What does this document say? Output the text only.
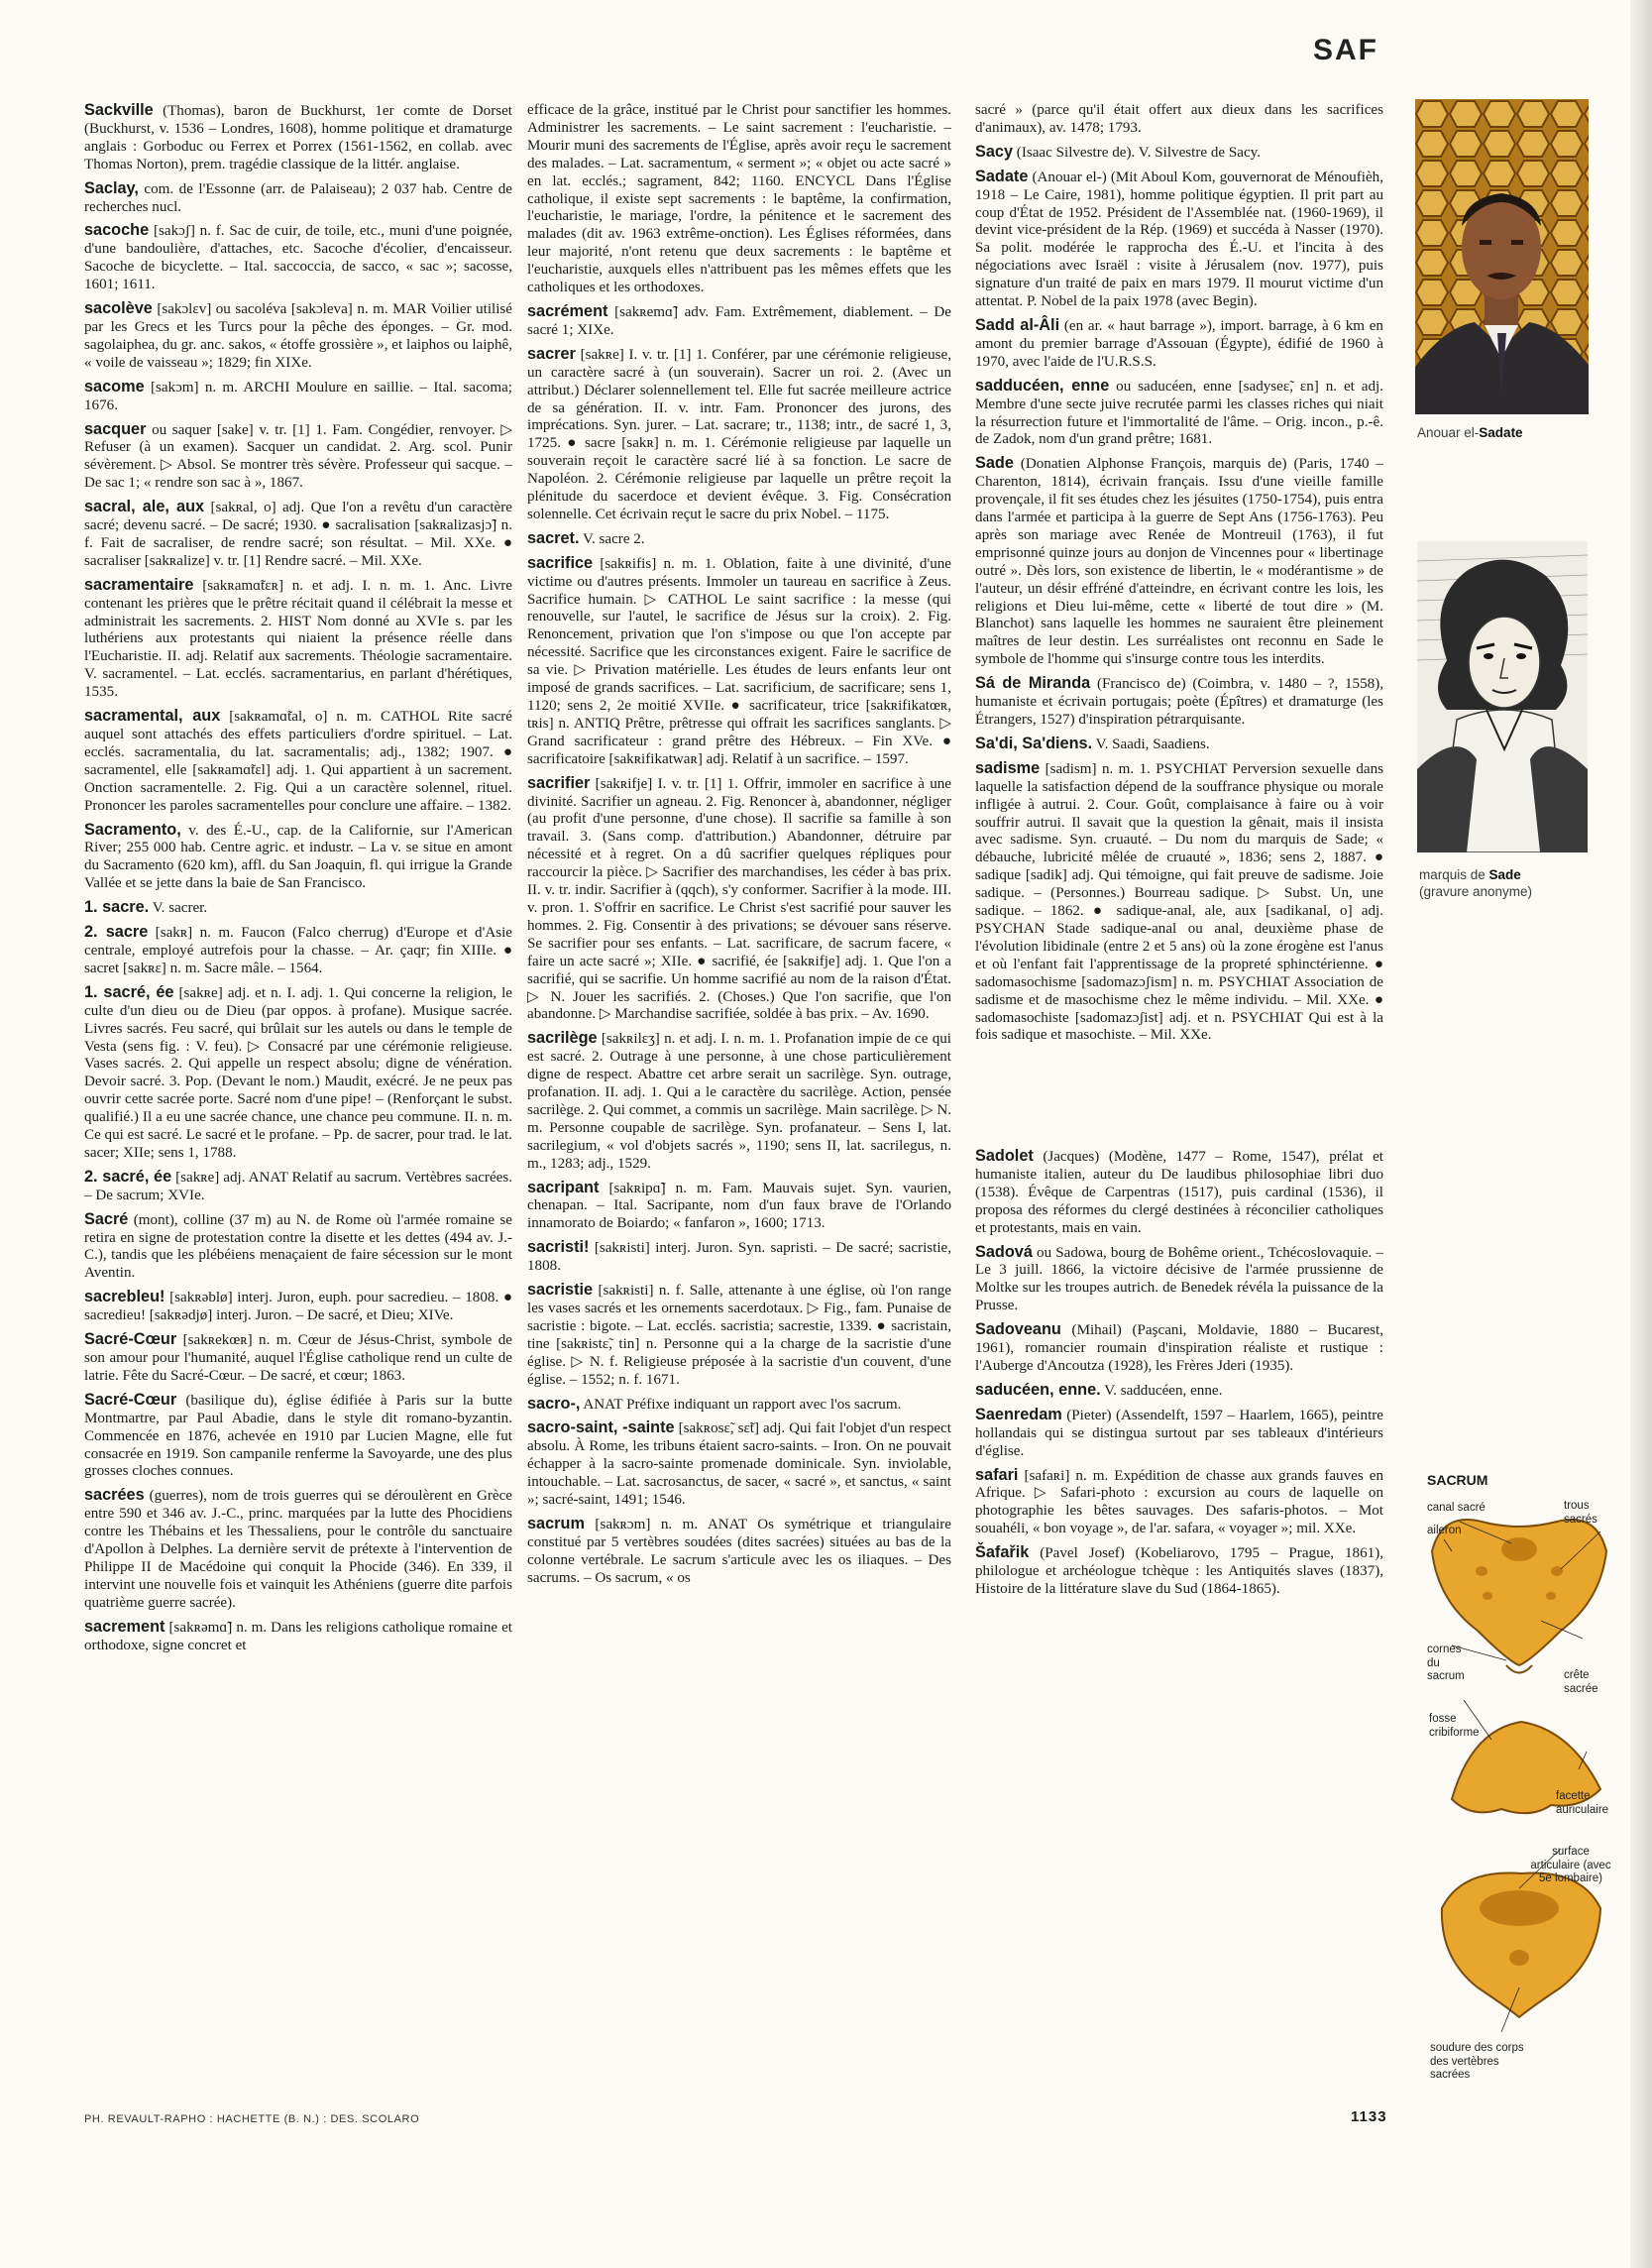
SAF

Sackville (Thomas), baron de Buckhurst, 1er comte de Dorset (Buckhurst, v. 1536 – Londres, 1608), homme politique et dramaturge anglais : Gorboduc ou Ferrex et Porrex (1561-1562, en collab. avec Thomas Norton), prem. tragédie classique de la littér. anglaise.

Saclay, com. de l'Essonne (arr. de Palaiseau); 2 037 hab. Centre de recherches nucl.

sacoche [sakɔʃ] n. f. Sac de cuir, de toile, etc., muni d'une poignée, d'une bandoulière, d'attaches, etc. Sacoche d'écolier, d'encaisseur. Sacoche de bicyclette. – Ital. saccoccia, de sacco, « sac »; sacosse, 1601; 1611.

sacolève [sakɔlɛv] ou sacoléva [sakɔleva] n. m. MAR Voilier utilisé par les Grecs et les Turcs pour la pêche des éponges. – Gr. mod. sagolaiphea, du gr. anc. sakos, « étoffe grossière », et laiphos ou laiphê, « voile de vaisseau »; 1829; fin XIXe.

sacome [sakɔm] n. m. ARCHI Moulure en saillie. – Ital. sacoma; 1676.

sacquer ou saquer [sake] v. tr. [1] 1. Fam. Congédier, renvoyer. ▷ Refuser (à un examen). Sacquer un candidat. 2. Arg. scol. Punir sévèrement. ▷ Absol. Se montrer très sévère. Professeur qui sacque. – De sac 1; « rendre son sac à », 1867.

sacral, ale, aux [sakʀal, o] adj. Que l'on a revêtu d'un caractère sacré; devenu sacré. – De sacré; 1930. ● sacralisation [sakʀalizasjɔ̃] n. f. Fait de sacraliser, de rendre sacré; son résultat. – Mil. XXe. ● sacraliser [sakʀalize] v. tr. [1] Rendre sacré. – Mil. XXe.

sacramentaire [sakʀamɑ̃tɛʀ] n. et adj. I. n. m. 1. Anc. Livre contenant les prières que le prêtre récitait quand il célébrait la messe et administrait les sacrements. 2. HIST Nom donné au XVIe s. par les luthériens aux protestants qui niaient la présence réelle dans l'Eucharistie. II. adj. Relatif aux sacrements. Théologie sacramentaire. V. sacramentel. – Lat. ecclés. sacramentarius, en parlant d'hérétiques, 1535.

sacramental, aux [sakʀamɑ̃tal, o] n. m. CATHOL Rite sacré auquel sont attachés des effets particuliers d'ordre spirituel. – Lat. ecclés. sacramentalia, du lat. sacramentalis; adj., 1382; 1907. ● sacramentel, elle [sakʀamɑ̃tɛl] adj. 1. Qui appartient à un sacrement. Onction sacramentelle. 2. Fig. Qui a un caractère solennel, rituel. Prononcer les paroles sacramentelles pour conclure une affaire. – 1382.

Sacramento, v. des É.-U., cap. de la Californie, sur l'American River; 255 000 hab. Centre agric. et industr. – La v. se situe en amont du Sacramento (620 km), affl. du San Joaquin, fl. qui irrigue la Grande Vallée et se jette dans la baie de San Francisco.

1. sacre. V. sacrer.

2. sacre [sakʀ] n. m. Faucon (Falco cherrug) d'Europe et d'Asie centrale, employé autrefois pour la chasse. – Ar. çaqr; fin XIIIe. ● sacret [sakʀɛ] n. m. Sacre mâle. – 1564.

1. sacré, ée [sakʀe] adj. et n. I. adj. 1. Qui concerne la religion, le culte d'un dieu ou de Dieu (par oppos. à profane). Musique sacrée. Livres sacrés. Feu sacré, qui brûlait sur les autels ou dans le temple de Vesta (sens fig. : V. feu). ▷ Consacré par une cérémonie religieuse. Vases sacrés. 2. Qui appelle un respect absolu; digne de vénération. Devoir sacré. 3. Pop. (Devant le nom.) Maudit, exécré. Je ne peux pas ouvrir cette sacrée porte. Sacré nom d'une pipe! – (Renforçant le subst. qualifié.) Il a eu une sacrée chance, une chance peu commune. II. n. m. Ce qui est sacré. Le sacré et le profane. – Pp. de sacrer, pour trad. le lat. sacer; XIIe; sens 1, 1788.

2. sacré, ée [sakʀe] adj. ANAT Relatif au sacrum. Vertèbres sacrées. – De sacrum; XVIe.

Sacré (mont), colline (37 m) au N. de Rome où l'armée romaine se retira en signe de protestation contre la disette et les dettes (494 av. J.-C.), tandis que les plébéiens menaçaient de faire sécession sur le mont Aventin.

sacrebleu! [sakʀəblø] interj. Juron, euph. pour sacredieu. – 1808. ● sacredieu! [sakʀədjø] interj. Juron. – De sacré, et Dieu; XIVe.

Sacré-Cœur [sakʀekœʀ] n. m. Cœur de Jésus-Christ, symbole de son amour pour l'humanité, auquel l'Église catholique rend un culte de latrie. Fête du Sacré-Cœur. – De sacré, et cœur; 1863.

Sacré-Cœur (basilique du), église édifiée à Paris sur la butte Montmartre, par Paul Abadie, dans le style dit romano-byzantin. Commencée en 1876, achevée en 1910 par Lucien Magne, elle fut consacrée en 1919. Son campanile renferme la Savoyarde, une des plus grosses cloches connues.

sacrées (guerres), nom de trois guerres qui se déroulèrent en Grèce entre 590 et 346 av. J.-C., princ. marquées par la lutte des Phocidiens contre les Thébains et les Thessaliens, pour le contrôle du sanctuaire d'Apollon à Delphes. La dernière servit de prétexte à l'intervention de Philippe II de Macédoine qui conquit la Phocide (346). En 339, il intervint une nouvelle fois et vainquit les Athéniens (guerre dite parfois quatrième guerre sacrée).

sacrement [sakʀəmɑ̃] n. m. Dans les religions catholique romaine et orthodoxe, signe concret et

efficace de la grâce, institué par le Christ pour sanctifier les hommes. Administrer les sacrements. – Le saint sacrement : l'eucharistie. – Mourir muni des sacrements de l'Église, après avoir reçu le sacrement des malades. – Lat. sacramentum, « serment »; « objet ou acte sacré » en lat. ecclés.; sagrament, 842; 1160. ENCYCL Dans l'Église catholique, il existe sept sacrements : le baptême, la confirmation, l'eucharistie, le mariage, l'ordre, la pénitence et le sacrement des malades (dit av. 1963 extrême-onction). Les Églises réformées, dans leur majorité, n'ont retenu que deux sacrements : le baptême et l'eucharistie, auxquels elles n'attribuent pas les mêmes effets que les catholiques et les orthodoxes.

sacrément [sakʀemɑ̃] adv. Fam. Extrêmement, diablement. – De sacré 1; XIXe.

sacrer [sakʀe] I. v. tr. [1] 1. Conférer, par une cérémonie religieuse, un caractère sacré à (un souverain). Sacrer un roi. 2. (Avec un attribut.) Déclarer solennellement tel. Elle fut sacrée meilleure actrice de sa génération. II. v. intr. Fam. Prononcer des jurons, des imprécations. Syn. jurer. – Lat. sacrare; tr., 1138; intr., de sacré 1, 3, 1725. ● sacre [sakʀ] n. m. 1. Cérémonie religieuse par laquelle un souverain reçoit le caractère sacré lié à sa fonction. Le sacre de Napoléon. 2. Cérémonie religieuse par laquelle un prêtre reçoit la plénitude du sacerdoce et devient évêque. 3. Fig. Consécration solennelle. Cet écrivain reçut le sacre du prix Nobel. – 1175.

sacret. V. sacre 2.

sacrifice [sakʀifis] n. m. 1. Oblation, faite à une divinité, d'une victime ou d'autres présents. Immoler un taureau en sacrifice à Zeus. Sacrifice humain. ▷ CATHOL Le saint sacrifice : la messe (qui renouvelle, sur l'autel, le sacrifice de Jésus sur la croix). 2. Fig. Renoncement, privation que l'on s'impose ou que l'on accepte par nécessité. Sacrifice que les circonstances exigent. Faire le sacrifice de sa vie. ▷ Privation matérielle. Les études de leurs enfants leur ont imposé de grands sacrifices. – Lat. sacrificium, de sacrificare; sens 1, 1120; sens 2, 2e moitié XVIIe. ● sacrificateur, trice [sakʀifikatœʀ, tʀis] n. ANTIQ Prêtre, prêtresse qui offrait les sacrifices sanglants. ▷ Grand sacrificateur : grand prêtre des Hébreux. – Fin XVe. ● sacrificatoire [sakʀifikatwaʀ] adj. Relatif à un sacrifice. – 1597.

sacrifier [sakʀifje] I. v. tr. [1] 1. Offrir, immoler en sacrifice à une divinité. Sacrifier un agneau. 2. Fig. Renoncer à, abandonner, négliger (au profit d'une personne, d'une chose). Il sacrifie sa famille à son travail. 3. (Sans comp. d'attribution.) Abandonner, détruire par nécessité et à regret. On a dû sacrifier quelques répliques pour raccourcir la pièce. ▷ Sacrifier des marchandises, les céder à bas prix. II. v. tr. indir. Sacrifier à (qqch), s'y conformer. Sacrifier à la mode. III. v. pron. 1. S'offrir en sacrifice. Le Christ s'est sacrifié pour sauver les hommes. 2. Fig. Consentir à des privations; se dévouer sans réserve. Se sacrifier pour ses enfants. – Lat. sacrificare, de sacrum facere, « faire un acte sacré »; XIIe. ● sacrifié, ée [sakʀifje] adj. 1. Que l'on a sacrifié, qui se sacrifie. Un homme sacrifié au nom de la raison d'État. ▷ N. Jouer les sacrifiés. 2. (Choses.) Que l'on sacrifie, que l'on abandonne. ▷ Marchandise sacrifiée, soldée à bas prix. – Av. 1690.

sacrilège [sakʀilɛʒ] n. et adj. I. n. m. 1. Profanation impie de ce qui est sacré. 2. Outrage à une personne, à une chose particulièrement digne de respect. Abattre cet arbre serait un sacrilège. Syn. outrage, profanation. II. adj. 1. Qui a le caractère du sacrilège. Action, pensée sacrilège. 2. Qui commet, a commis un sacrilège. Main sacrilège. ▷ N. m. Personne coupable de sacrilège. Syn. profanateur. – Sens I, lat. sacrilegium, « vol d'objets sacrés », 1190; sens II, lat. sacrilegus, n. m., 1283; adj., 1529.

sacripant [sakʀipɑ̃] n. m. Fam. Mauvais sujet. Syn. vaurien, chenapan. – Ital. Sacripante, nom d'un faux brave de l'Orlando innamorato de Boiardo; « fanfaron », 1600; 1713.

sacristi! [sakʀisti] interj. Juron. Syn. sapristi. – De sacré; sacristie, 1808.

sacristie [sakʀisti] n. f. Salle, attenante à une église, où l'on range les vases sacrés et les ornements sacerdotaux. ▷ Fig., fam. Punaise de sacristie : bigote. – Lat. ecclés. sacristia; sacrestie, 1339. ● sacristain, tine [sakʀistɛ̃, tin] n. Personne qui a la charge de la sacristie d'une église. ▷ N. f. Religieuse préposée à la sacristie d'un couvent, d'une église. – 1552; n. f. 1671.

sacro-, ANAT Préfixe indiquant un rapport avec l'os sacrum.

sacro-saint, -sainte [sakʀosɛ̃, sɛ̃t] adj. Qui fait l'objet d'un respect absolu. À Rome, les tribuns étaient sacro-saints. – Iron. On ne pouvait échapper à la sacro-sainte promenade dominicale. Syn. inviolable, intouchable. – Lat. sacrosanctus, de sacer, « sacré », et sanctus, « saint »; sacré-saint, 1491; 1546.

sacrum [sakʀɔm] n. m. ANAT Os symétrique et triangulaire constitué par 5 vertèbres soudées (dites sacrées) situées au bas de la colonne vertébrale. Le sacrum s'articule avec les os iliaques. – Des sacrums. – Os sacrum, « os

sacré » (parce qu'il était offert aux dieux dans les sacrifices d'animaux), av. 1478; 1793.

Sacy (Isaac Silvestre de). V. Silvestre de Sacy.

Sadate (Anouar el-) (Mit Aboul Kom, gouvernorat de Ménoufièh, 1918 – Le Caire, 1981), homme politique égyptien. Il prit part au coup d'État de 1952. Président de l'Assemblée nat. (1960-1969), il devint vice-président de la Rép. (1969) et succéda à Nasser (1970). Sa polit. modérée le rapprocha des É.-U. et l'incita à des négociations avec Israël : visite à Jérusalem (nov. 1977), puis signature d'un traité de paix en mars 1979. Il mourut victime d'un attentat. P. Nobel de la paix 1978 (avec Begin).

Sadd al-Âli (en ar. « haut barrage »), import. barrage, à 6 km en amont du premier barrage d'Assouan (Égypte), édifié de 1960 à 1970, avec l'aide de l'U.R.S.S.

sadducéen, enne ou saducéen, enne [sadyseɛ̃, ɛn] n. et adj. Membre d'une secte juive recrutée parmi les classes riches qui niait la résurrection future et l'immortalité de l'âme. – Orig. incon., p.-ê. de Zadok, nom d'un grand prêtre; 1681.

Sade (Donatien Alphonse François, marquis de) (Paris, 1740 – Charenton, 1814), écrivain français. Issu d'une vieille famille provençale, il fit ses études chez les jésuites (1750-1754), puis entra dans l'armée et participa à la guerre de Sept Ans (1756-1763). Peu après son mariage avec Renée de Montreuil (1763), il fut emprisonné quinze jours au donjon de Vincennes pour « libertinage outré ». Dès lors, son existence de libertin, le « modérantisme » de l'auteur, un désir effréné d'atteindre, en écrivant contre les lois, les religions et Dieu lui-même, cette « liberté de tout dire » (M. Blanchot) sans laquelle les hommes ne sauraient être pleinement maîtres de leur destin. Les surréalistes ont reconnu en Sade le symbole de l'homme qui s'insurge contre tous les interdits.

Sá de Miranda (Francisco de) (Coimbra, v. 1480 – ?, 1558), humaniste et écrivain portugais; poète (Épîtres) et dramaturge (les Étrangers, 1527) d'inspiration pétrarquisante.

Sa'di, Sa'diens. V. Saadi, Saadiens.

sadisme [sadism] n. m. 1. PSYCHIAT Perversion sexuelle dans laquelle la satisfaction dépend de la souffrance physique ou morale infligée à autrui. 2. Cour. Goût, complaisance à faire ou à voir souffrir autrui. Il savait que la question la gênait, mais il insista avec sadisme. Syn. cruauté. – Du nom du marquis de Sade; « débauche, lubricité mêlée de cruauté », 1836; sens 2, 1887. ● sadique [sadik] adj. Qui témoigne, qui fait preuve de sadisme. Joie sadique. – (Personnes.) Bourreau sadique. ▷ Subst. Un, une sadique. – 1862. ● sadique-anal, ale, aux [sadikanal, o] adj. PSYCHAN Stade sadique-anal ou anal, deuxième phase de l'évolution libidinale (entre 2 et 5 ans) où la zone érogène est l'anus et où l'enfant fait l'apprentissage de la propreté sphinctérienne. ● sadomasochisme [sadomazɔʃism] n. m. PSYCHIAT Association de sadisme et de masochisme chez le même individu. – Mil. XXe. ● sadomasochiste [sadomazɔʃist] adj. et n. PSYCHIAT Qui est à la fois sadique et masochiste. – Mil. XXe.

Sadolet (Jacques) (Modène, 1477 – Rome, 1547), prélat et humaniste italien, auteur du De laudibus philosophiae libri duo (1538). Évêque de Carpentras (1517), puis cardinal (1536), il proposa des réformes du clergé destinées à réconcilier catholiques et protestants, mais en vain.

Sadová ou Sadowa, bourg de Bohême orient., Tchécoslovaquie. – Le 3 juill. 1866, la victoire décisive de l'armée prussienne de Moltke sur les troupes autrich. de Benedek révéla la puissance de la Prusse.

Sadoveanu (Mihail) (Paşcani, Moldavie, 1880 – Bucarest, 1961), romancier roumain d'inspiration réaliste et rustique : l'Auberge d'Ancoutza (1928), les Frères Jderi (1935).

saducéen, enne. V. sadducéen, enne.

Saenredam (Pieter) (Assendelft, 1597 – Haarlem, 1665), peintre hollandais qui se distingua surtout par ses tableaux d'intérieurs d'église.

safari [safaʀi] n. m. Expédition de chasse aux grands fauves en Afrique. ▷ Safari-photo : excursion au cours de laquelle on photographie les bêtes sauvages. Des safaris-photos. – Mot souahéli, « bon voyage », de l'ar. safara, « voyager »; mil. XXe.

Šafařik (Pavel Josef) (Kobeliarovo, 1795 – Prague, 1861), philologue et archéologue tchèque : les Antiquités slaves (1837), Histoire de la littérature slave du Sud (1864-1865).

Anouar el-Sadate
marquis de Sade
(gravure anonyme)
SACRUM
canal sacré
aileron
trous sacrés
cornes du sacrum	crête sacrée
fosse cribiforme
facette auriculaire
surface articulaire (avec 5e lombaire)
soudure des corps des vertèbres sacrées
PH. REVAULT-RAPHO : HACHETTE (B. N.) : DES. SCOLARO	1133
